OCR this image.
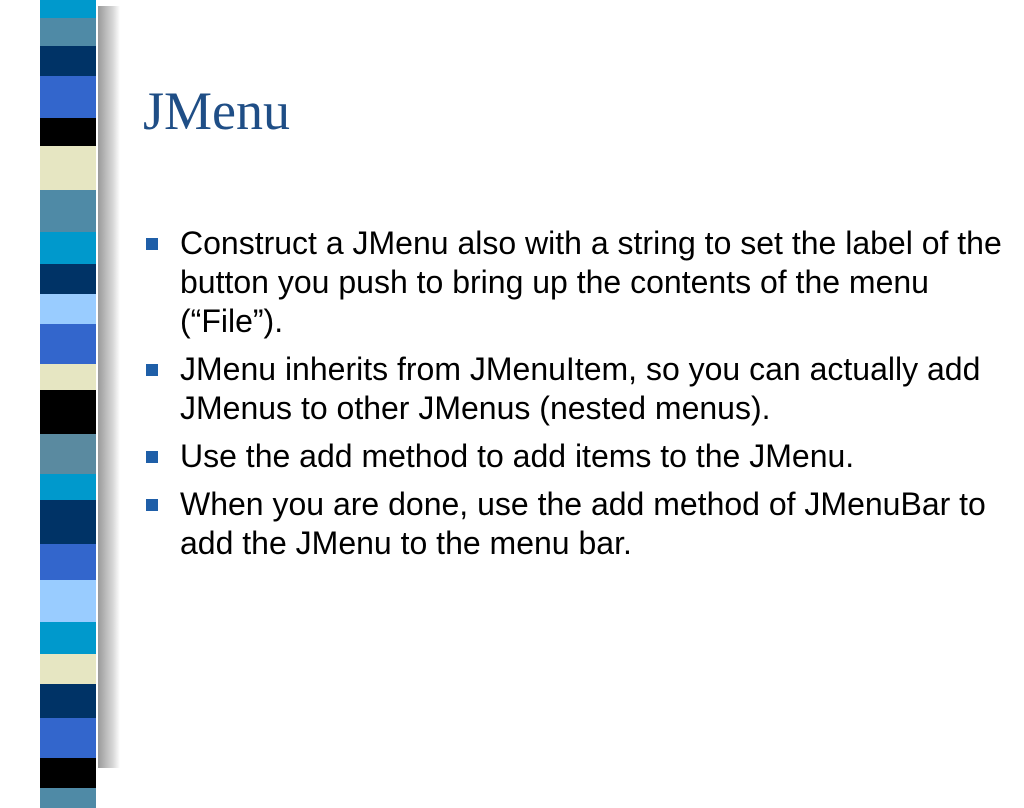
JMenu
Construct a JMenu also with a string to set the label of the button you push to bring up the contents of the menu (“File”).
JMenu inherits from JMenuItem, so you can actually add JMenus to other JMenus (nested menus).
Use the add method to add items to the JMenu.
When you are done, use the add method of JMenuBar to add the JMenu to the menu bar.
